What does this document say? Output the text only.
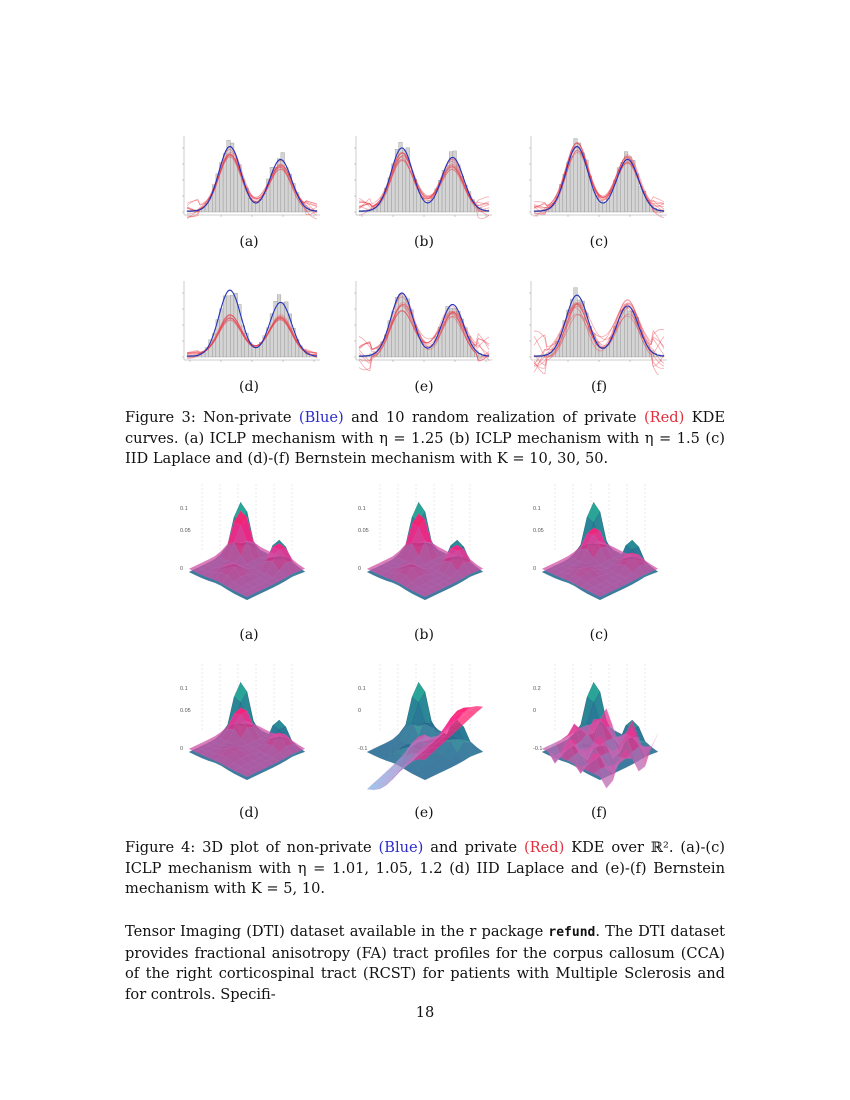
(a)	(b)	(c)
(d)	(e)	(f)
Figure 3: Non-private (Blue) and 10 random realization of private (Red) KDE curves. (a) ICLP mechanism with η = 1.25 (b) ICLP mechanism with η = 1.5 (c) IID Laplace and (d)-(f) Bernstein mechanism with K = 10, 30, 50.
0.1
0.05
0
0.1
0.05
0
0.1
0.05
0
0.1
0.05
0
0.1
0
-0.1
0.2
0
-0.1
(a)	(b)	(c)
(d)	(e)	(f)
Figure 4: 3D plot of non-private (Blue) and private (Red) KDE over ℝ². (a)-(c) ICLP mechanism with η = 1.01, 1.05, 1.2 (d) IID Laplace and (e)-(f) Bernstein mechanism with K = 5, 10.
Tensor Imaging (DTI) dataset available in the r package refund. The DTI dataset provides fractional anisotropy (FA) tract profiles for the corpus callosum (CCA) of the right corticospinal tract (RCST) for patients with Multiple Sclerosis and for controls. Specifi-
18
